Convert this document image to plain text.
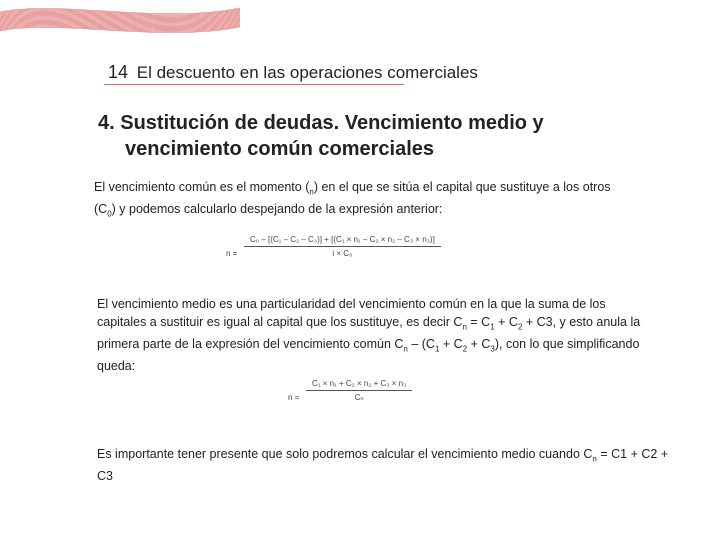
14 El descuento en las operaciones comerciales
4. Sustitución de deudas. Vencimiento medio y
vencimiento común comerciales
El vencimiento común es el momento $(_n)$ en el que se sitúa el capital que sustituye a los otros $(C_0)$ y podemos calcularlo despejando de la expresión anterior:
n =
C₀ – [(C₁ – C₂ – C₃)] + [(C₁ × n₁ – C₂ × n₂ – C₃ × n₃)]
i × C₀
El vencimiento medio es una particularidad del vencimiento común en la que la suma de los capitales a sustituir es igual al capital que los sustituye, es decir $C_n = C_1 + C_2 + C3$, y esto anula la primera parte de la expresión del vencimiento común $C_n - (C_1 + C_2 + C_3)$, con lo que simplificando queda:
n =
C₁ × n₁ + C₂ × n₂ + C₃ × n₃
Cₙ
Es importante tener presente que solo podremos calcular el vencimiento medio cuando $C_n = C1 + C2 + C3$
